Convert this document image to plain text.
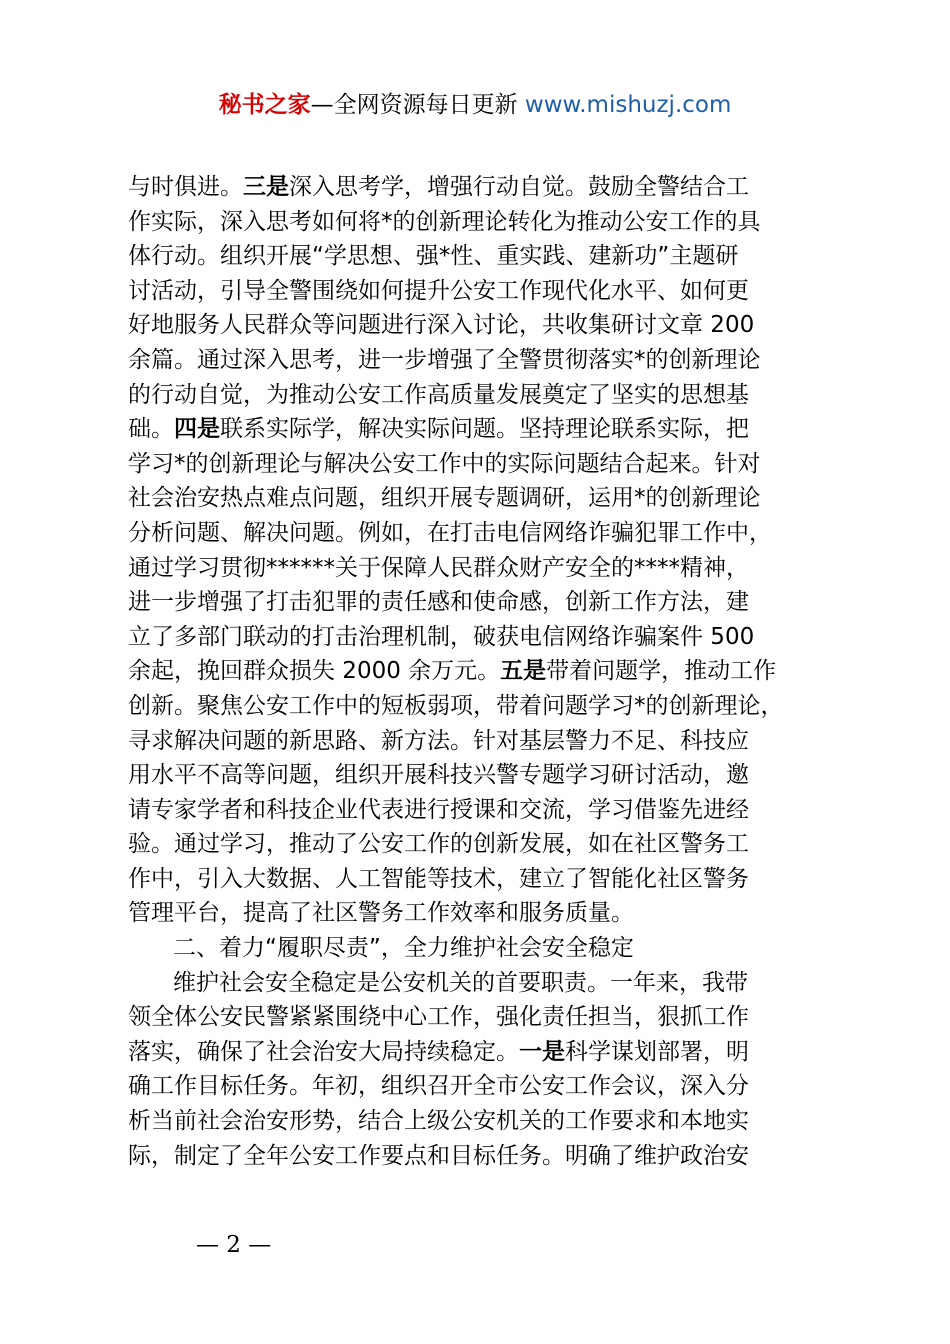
秘书之家—全网资源每日更新 www.mishuzj.com
与时俱进。三是深入思考学，增强行动自觉。鼓励全警结合工
作实际，深入思考如何将*的创新理论转化为推动公安工作的具
体行动。组织开展“学思想、强*性、重实践、建新功”主题研
讨活动，引导全警围绕如何提升公安工作现代化水平、如何更
好地服务人民群众等问题进行深入讨论，共收集研讨文章 200
余篇。通过深入思考，进一步增强了全警贯彻落实*的创新理论
的行动自觉，为推动公安工作高质量发展奠定了坚实的思想基
础。四是联系实际学，解决实际问题。坚持理论联系实际，把
学习*的创新理论与解决公安工作中的实际问题结合起来。针对
社会治安热点难点问题，组织开展专题调研，运用*的创新理论
分析问题、解决问题。例如，在打击电信网络诈骗犯罪工作中，
通过学习贯彻******关于保障人民群众财产安全的****精神，
进一步增强了打击犯罪的责任感和使命感，创新工作方法，建
立了多部门联动的打击治理机制，破获电信网络诈骗案件 500
余起，挽回群众损失 2000 余万元。五是带着问题学，推动工作
创新。聚焦公安工作中的短板弱项，带着问题学习*的创新理论，
寻求解决问题的新思路、新方法。针对基层警力不足、科技应
用水平不高等问题，组织开展科技兴警专题学习研讨活动，邀
请专家学者和科技企业代表进行授课和交流，学习借鉴先进经
验。通过学习，推动了公安工作的创新发展，如在社区警务工
作中，引入大数据、人工智能等技术，建立了智能化社区警务
管理平台，提高了社区警务工作效率和服务质量。
二、着力“履职尽责”，全力维护社会安全稳定
维护社会安全稳定是公安机关的首要职责。一年来，我带
领全体公安民警紧紧围绕中心工作，强化责任担当，狠抓工作
落实，确保了社会治安大局持续稳定。一是科学谋划部署，明
确工作目标任务。年初，组织召开全市公安工作会议，深入分
析当前社会治安形势，结合上级公安机关的工作要求和本地实
际，制定了全年公安工作要点和目标任务。明确了维护政治安
— 2 —
